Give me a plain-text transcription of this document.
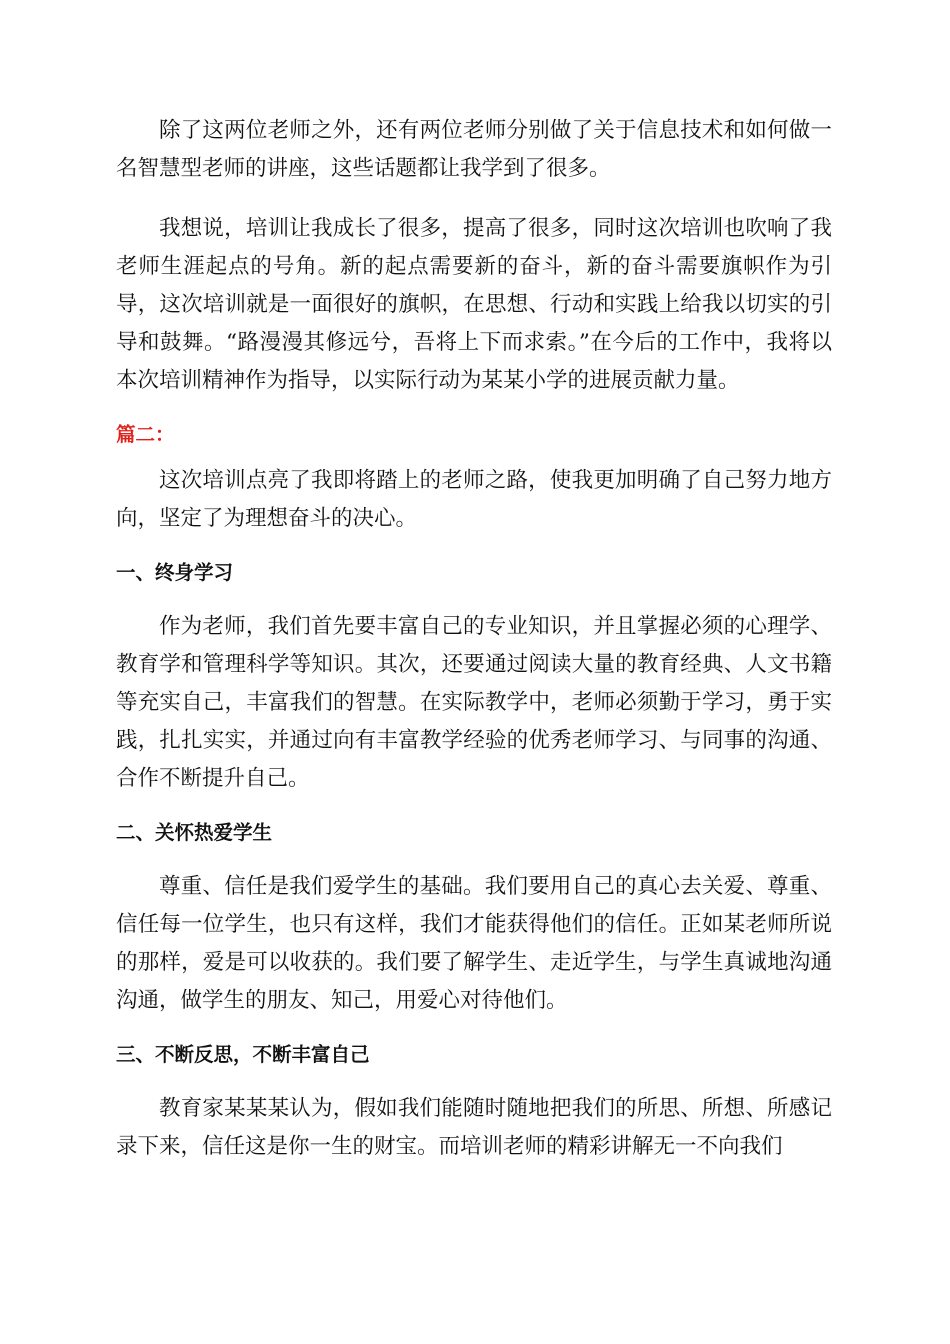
除了这两位老师之外，还有两位老师分别做了关于信息技术和如何做一名智慧型老师的讲座，这些话题都让我学到了很多。

我想说，培训让我成长了很多，提高了很多，同时这次培训也吹响了我老师生涯起点的号角。新的起点需要新的奋斗，新的奋斗需要旗帜作为引导，这次培训就是一面很好的旗帜，在思想、行动和实践上给我以切实的引导和鼓舞。“路漫漫其修远兮，吾将上下而求索。”在今后的工作中，我将以本次培训精神作为指导，以实际行动为某某小学的进展贡献力量。

篇二：

这次培训点亮了我即将踏上的老师之路，使我更加明确了自己努力地方向，坚定了为理想奋斗的决心。

一、终身学习

作为老师，我们首先要丰富自己的专业知识，并且掌握必须的心理学、教育学和管理科学等知识。其次，还要通过阅读大量的教育经典、人文书籍等充实自己，丰富我们的智慧。在实际教学中，老师必须勤于学习，勇于实践，扎扎实实，并通过向有丰富教学经验的优秀老师学习、与同事的沟通、合作不断提升自己。

二、关怀热爱学生

尊重、信任是我们爱学生的基础。我们要用自己的真心去关爱、尊重、信任每一位学生，也只有这样，我们才能获得他们的信任。正如某老师所说的那样，爱是可以收获的。我们要了解学生、走近学生，与学生真诚地沟通沟通，做学生的朋友、知己，用爱心对待他们。

三、不断反思，不断丰富自己

教育家某某某认为，假如我们能随时随地把我们的所思、所想、所感记录下来，信任这是你一生的财宝。而培训老师的精彩讲解无一不向我们
